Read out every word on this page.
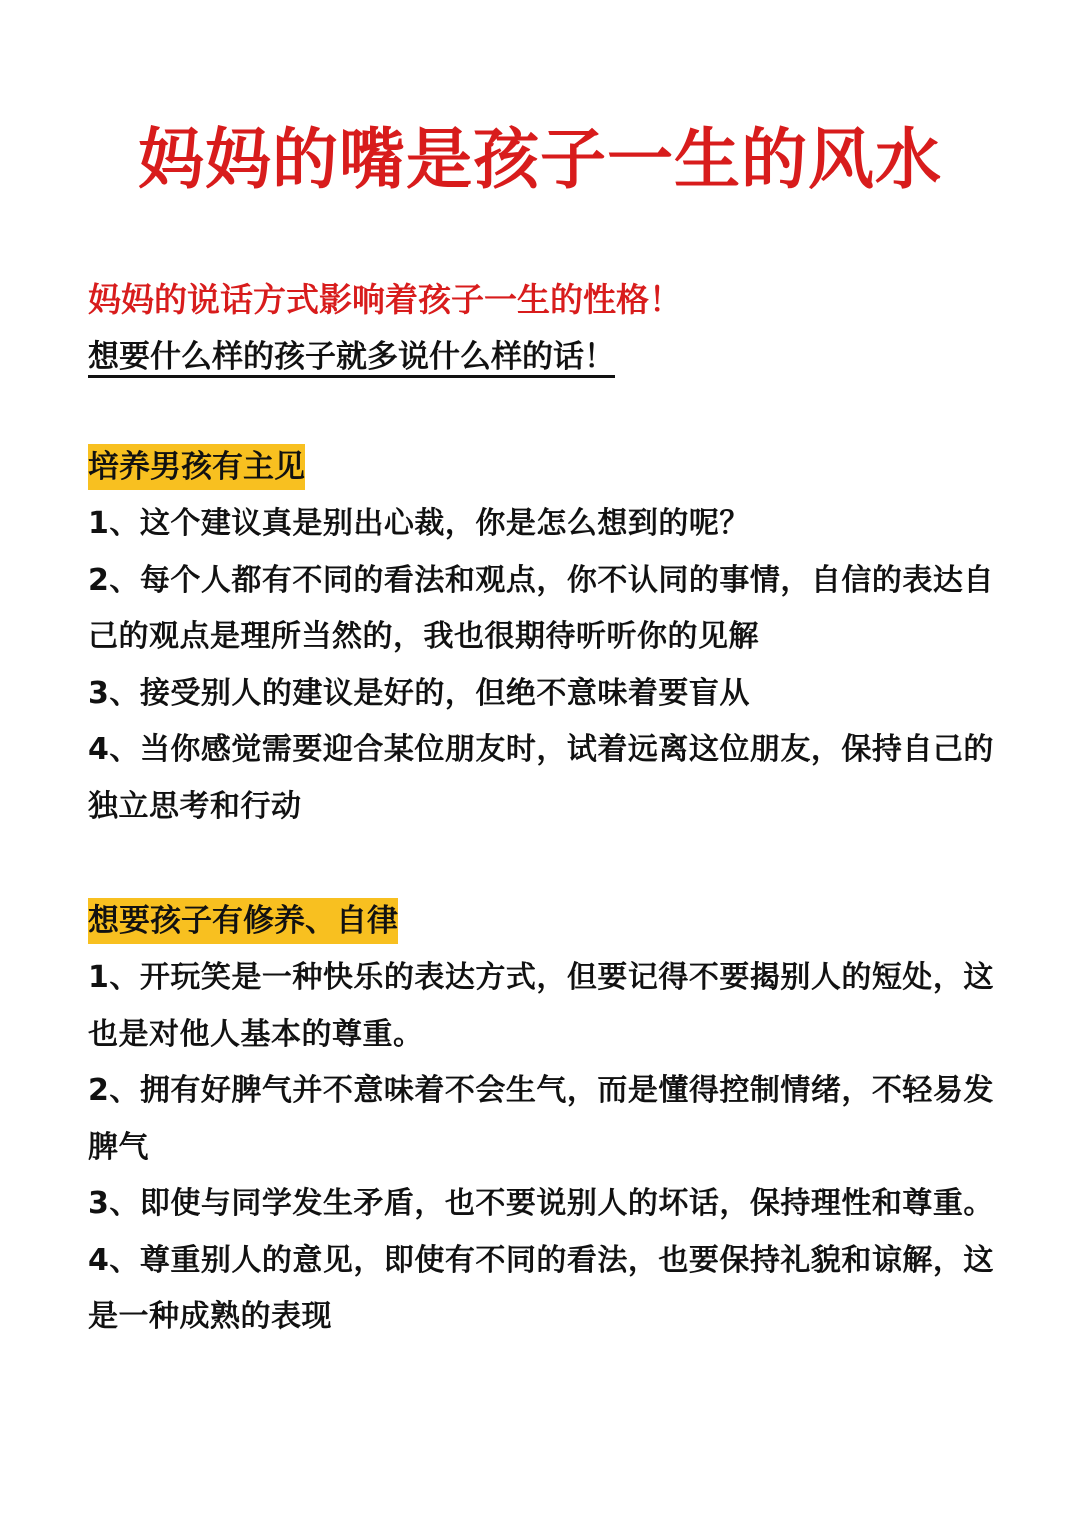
妈妈的嘴是孩子一生的风水
妈妈的说话方式影响着孩子一生的性格！
想要什么样的孩子就多说什么样的话！
培养男孩有主见
1、这个建议真是别出心裁，你是怎么想到的呢？
2、每个人都有不同的看法和观点，你不认同的事情，自信的表达自己的观点是理所当然的，我也很期待听听你的见解
3、接受别人的建议是好的，但绝不意味着要盲从
4、当你感觉需要迎合某位朋友时，试着远离这位朋友，保持自己的独立思考和行动
想要孩子有修养、自律
1、开玩笑是一种快乐的表达方式，但要记得不要揭别人的短处，这也是对他人基本的尊重。
2、拥有好脾气并不意味着不会生气，而是懂得控制情绪，不轻易发脾气
3、即使与同学发生矛盾，也不要说别人的坏话，保持理性和尊重。
4、尊重别人的意见，即使有不同的看法，也要保持礼貌和谅解，这是一种成熟的表现
